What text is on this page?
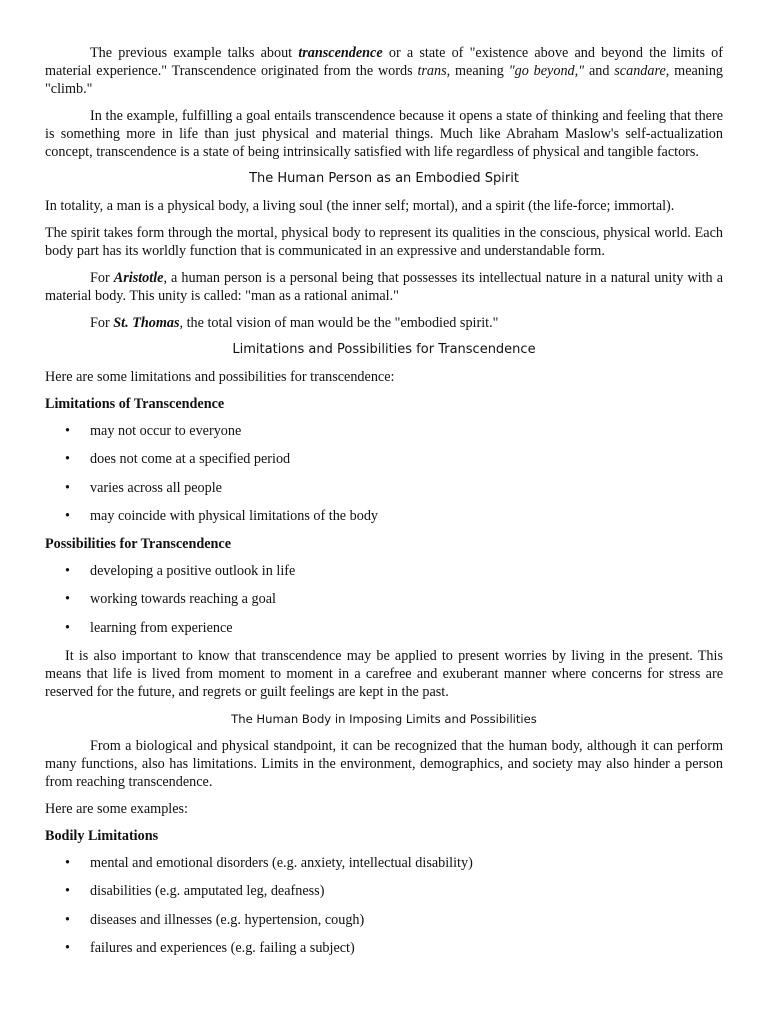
The previous example talks about transcendence or a state of "existence above and beyond the limits of material experience." Transcendence originated from the words trans, meaning "go beyond," and scandare, meaning "climb."

In the example, fulfilling a goal entails transcendence because it opens a state of thinking and feeling that there is something more in life than just physical and material things. Much like Abraham Maslow's self-actualization concept, transcendence is a state of being intrinsically satisfied with life regardless of physical and tangible factors.

The Human Person as an Embodied Spirit

In totality, a man is a physical body, a living soul (the inner self; mortal), and a spirit (the life-force; immortal).

The spirit takes form through the mortal, physical body to represent its qualities in the conscious, physical world. Each body part has its worldly function that is communicated in an expressive and understandable form.

For Aristotle, a human person is a personal being that possesses its intellectual nature in a natural unity with a material body. This unity is called: "man as a rational animal."

For St. Thomas, the total vision of man would be the "embodied spirit."

Limitations and Possibilities for Transcendence

Here are some limitations and possibilities for transcendence:

Limitations of Transcendence
• may not occur to everyone
• does not come at a specified period
• varies across all people
• may coincide with physical limitations of the body
Possibilities for Transcendence
• developing a positive outlook in life
• working towards reaching a goal
• learning from experience

It is also important to know that transcendence may be applied to present worries by living in the present. This means that life is lived from moment to moment in a carefree and exuberant manner where concerns for stress are reserved for the future, and regrets or guilt feelings are kept in the past.

The Human Body in Imposing Limits and Possibilities

From a biological and physical standpoint, it can be recognized that the human body, although it can perform many functions, also has limitations. Limits in the environment, demographics, and society may also hinder a person from reaching transcendence.

Here are some examples:

Bodily Limitations
• mental and emotional disorders (e.g. anxiety, intellectual disability)
• disabilities (e.g. amputated leg, deafness)
• diseases and illnesses (e.g. hypertension, cough)
• failures and experiences (e.g. failing a subject)
